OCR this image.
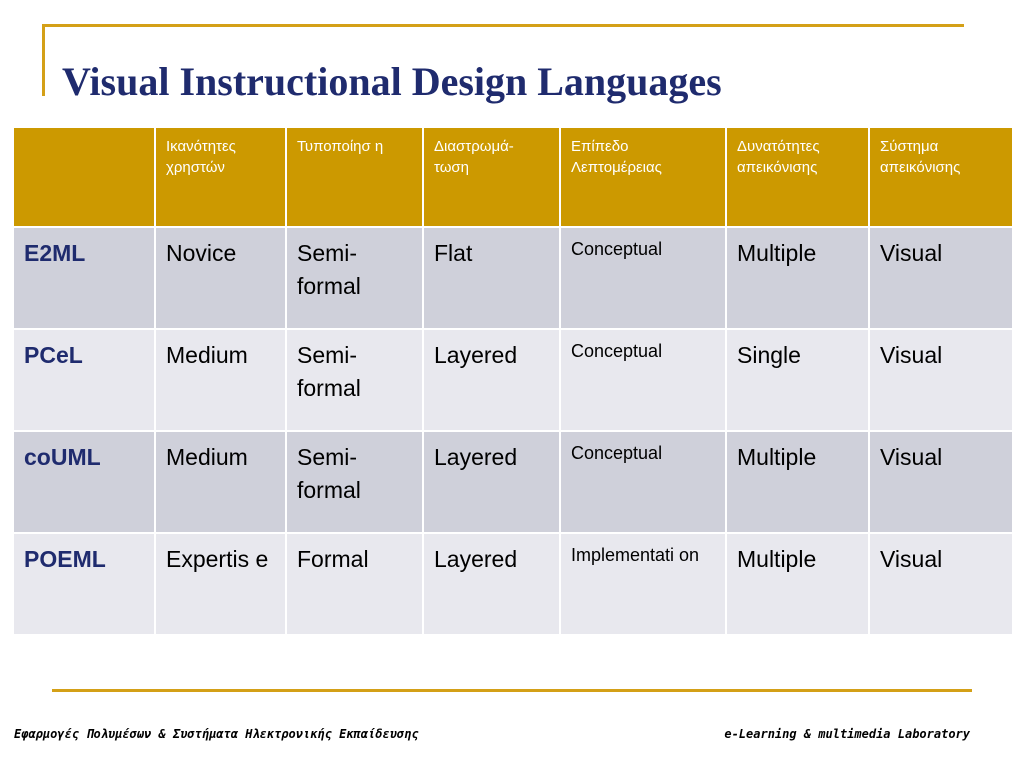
Visual Instructional Design Languages
	Ικανότητες χρηστών	Τυποποίησ η	Διαστρωμά- τωση	Επίπεδο Λεπτομέρειας	Δυνατότητες απεικόνισης	Σύστημα απεικόνισης
E2ML	Novice	Semi- formal	Flat	Conceptual	Multiple	Visual
PCeL	Medium	Semi- formal	Layered	Conceptual	Single	Visual
coUML	Medium	Semi- formal	Layered	Conceptual	Multiple	Visual
POEML	Expertis e	Formal	Layered	Implementati on	Multiple	Visual

Εφαρμογές Πολυμέσων & Συστήματα Ηλεκτρονικής Εκπαίδευσης	e-Learning & multimedia Laboratory
